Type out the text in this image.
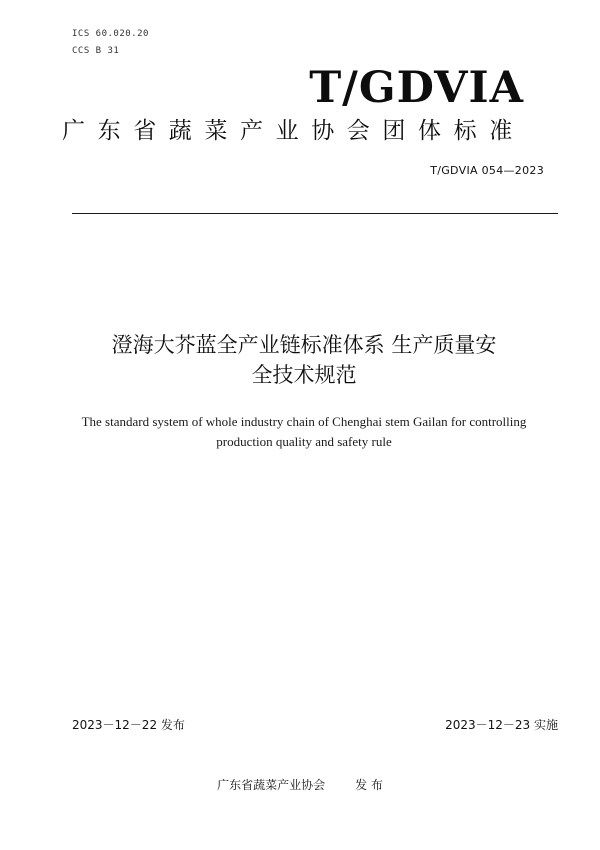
ICS 60.020.20
CCS B 31
T/GDVIA
广东省蔬菜产业协会团体标准
T/GDVIA 054—2023
澄海大芥蓝全产业链标准体系 生产质量安
全技术规范
The standard system of whole industry chain of Chenghai stem Gailan for controlling
production quality and safety rule
2023－12－22 发布	2023－12－23 实施
广东省蔬菜产业协会	发 布
